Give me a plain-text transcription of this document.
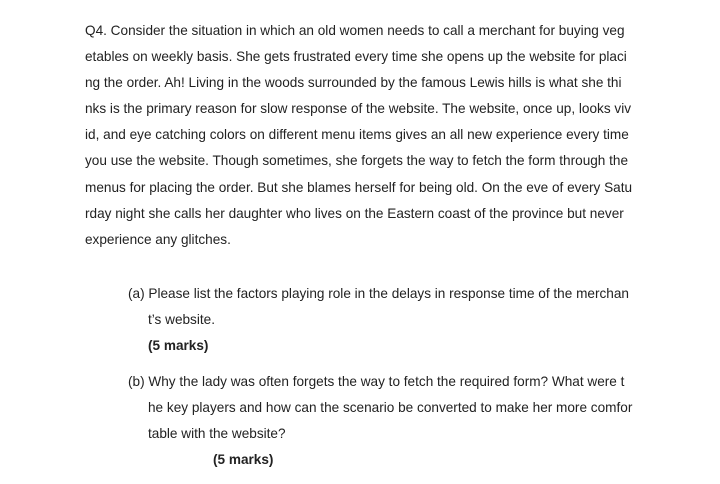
Q4. Consider the situation in which an old women needs to call a merchant for buying veg
etables on weekly basis. She gets frustrated every time she opens up the website for placi
ng the order. Ah! Living in the woods surrounded by the famous Lewis hills is what she thi
nks is the primary reason for slow response of the website. The website, once up, looks viv
id, and eye catching colors on different menu items gives an all new experience every time
you use the website. Though sometimes, she forgets the way to fetch the form through the
menus for placing the order. But she blames herself for being old. On the eve of every Satu
rday night she calls her daughter who lives on the Eastern coast of the province but never
experience any glitches.
(a) Please list the factors playing role in the delays in response time of the merchan
t’s website.
(5 marks)
(b) Why the lady was often forgets the way to fetch the required form? What were t
he key players and how can the scenario be converted to make her more comfor
table with the website?
(5 marks)
